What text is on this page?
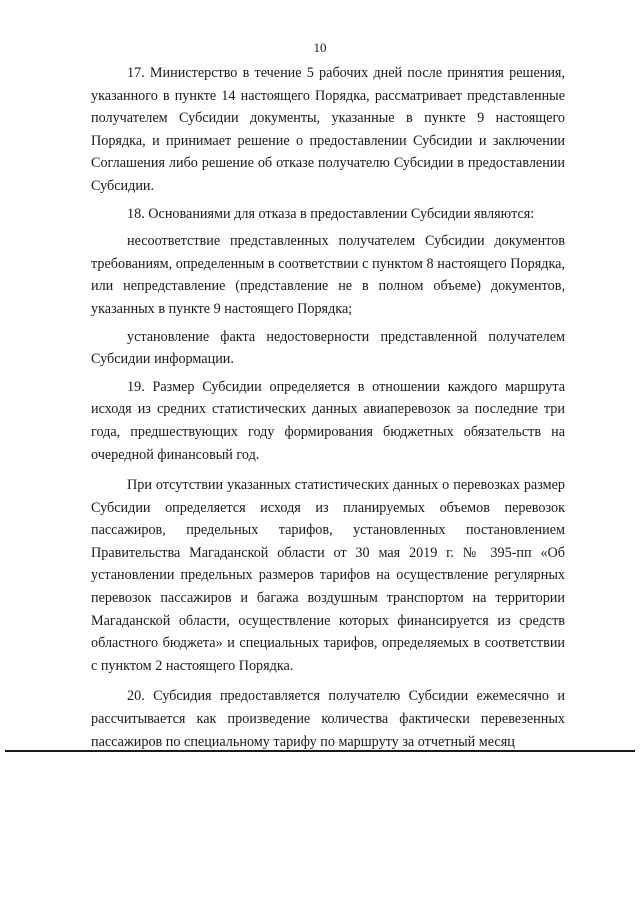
10

17. Министерство в течение 5 рабочих дней после принятия решения, указанного в пункте 14 настоящего Порядка, рассматривает представленные получателем Субсидии документы, указанные в пункте 9 настоящего Порядка, и принимает решение о предоставлении Субсидии и заключении Соглашения либо решение об отказе получателю Субсидии в предоставлении Субсидии.

18. Основаниями для отказа в предоставлении Субсидии являются:

несоответствие представленных получателем Субсидии документов требованиям, определенным в соответствии с пунктом 8 настоящего Порядка, или непредставление (представление не в полном объеме) документов, указанных в пункте 9 настоящего Порядка;

установление факта недостоверности представленной получателем Субсидии информации.

19. Размер Субсидии определяется в отношении каждого маршрута исходя из средних статистических данных авиаперевозок за последние три года, предшествующих году формирования бюджетных обязательств на очередной финансовый год.

При отсутствии указанных статистических данных о перевозках размер Субсидии определяется исходя из планируемых объемов перевозок пассажиров, предельных тарифов, установленных постановлением Правительства Магаданской области от 30 мая 2019 г. № 395-пп «Об установлении предельных размеров тарифов на осуществление регулярных перевозок пассажиров и багажа воздушным транспортом на территории Магаданской области, осуществление которых финансируется из средств областного бюджета» и специальных тарифов, определяемых в соответствии с пунктом 2 настоящего Порядка.

20. Субсидия предоставляется получателю Субсидии ежемесячно и рассчитывается как произведение количества фактически перевезенных пассажиров по специальному тарифу по маршруту за отчетный месяц
